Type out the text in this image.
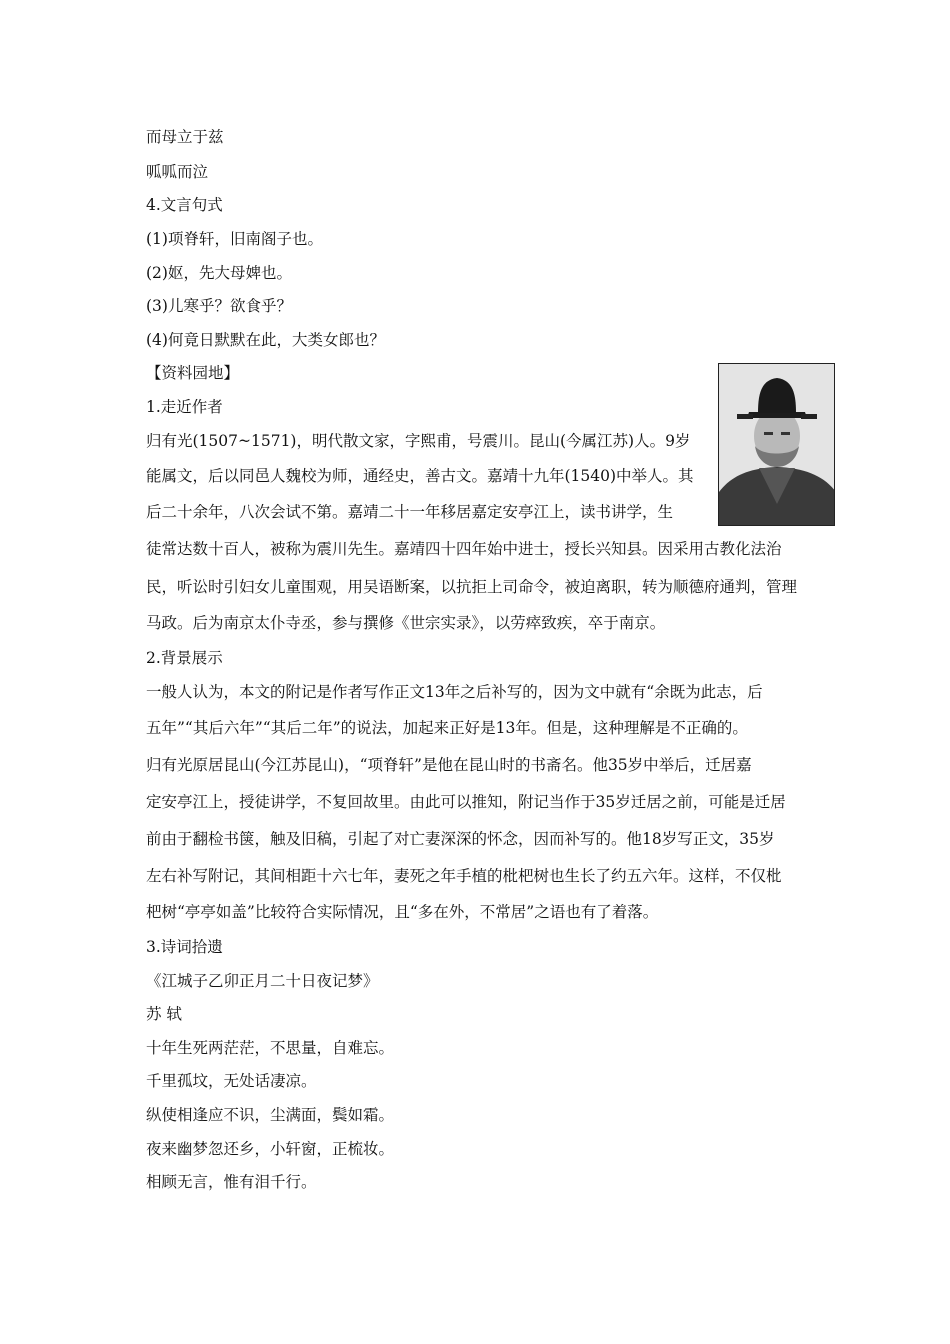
而母立于兹
呱呱而泣
4.文言句式
(1)项脊轩，旧南阁子也。
(2)妪，先大母婢也。
(3)儿寒乎？欲食乎？
(4)何竟日默默在此，大类女郎也？
【资料园地】
1.走近作者
归有光(1507~1571)，明代散文家，字熙甫，号震川。昆山(今属江苏)人。9岁
能属文，后以同邑人魏校为师，通经史，善古文。嘉靖十九年(1540)中举人。其
后二十余年，八次会试不第。嘉靖二十一年移居嘉定安亭江上，读书讲学，生
徒常达数十百人，被称为震川先生。嘉靖四十四年始中进士，授长兴知县。因采用古教化法治
民，听讼时引妇女儿童围观，用吴语断案，以抗拒上司命令，被迫离职，转为顺德府通判，管理
马政。后为南京太仆寺丞，参与撰修《世宗实录》，以劳瘁致疾，卒于南京。
2.背景展示
一般人认为，本文的附记是作者写作正文13年之后补写的，因为文中就有“余既为此志，后
五年”“其后六年”“其后二年”的说法，加起来正好是13年。但是，这种理解是不正确的。
归有光原居昆山(今江苏昆山)，“项脊轩”是他在昆山时的书斋名。他35岁中举后，迁居嘉
定安亭江上，授徒讲学，不复回故里。由此可以推知，附记当作于35岁迁居之前，可能是迁居
前由于翻检书箧，触及旧稿，引起了对亡妻深深的怀念，因而补写的。他18岁写正文，35岁
左右补写附记，其间相距十六七年，妻死之年手植的枇杷树也生长了约五六年。这样，不仅枇
杷树“亭亭如盖”比较符合实际情况，且“多在外，不常居”之语也有了着落。
3.诗词拾遗
《江城子乙卯正月二十日夜记梦》
苏 轼
十年生死两茫茫，不思量，自难忘。
千里孤坟，无处话凄凉。
纵使相逢应不识，尘满面，鬓如霜。
夜来幽梦忽还乡，小轩窗，正梳妆。
相顾无言，惟有泪千行。
